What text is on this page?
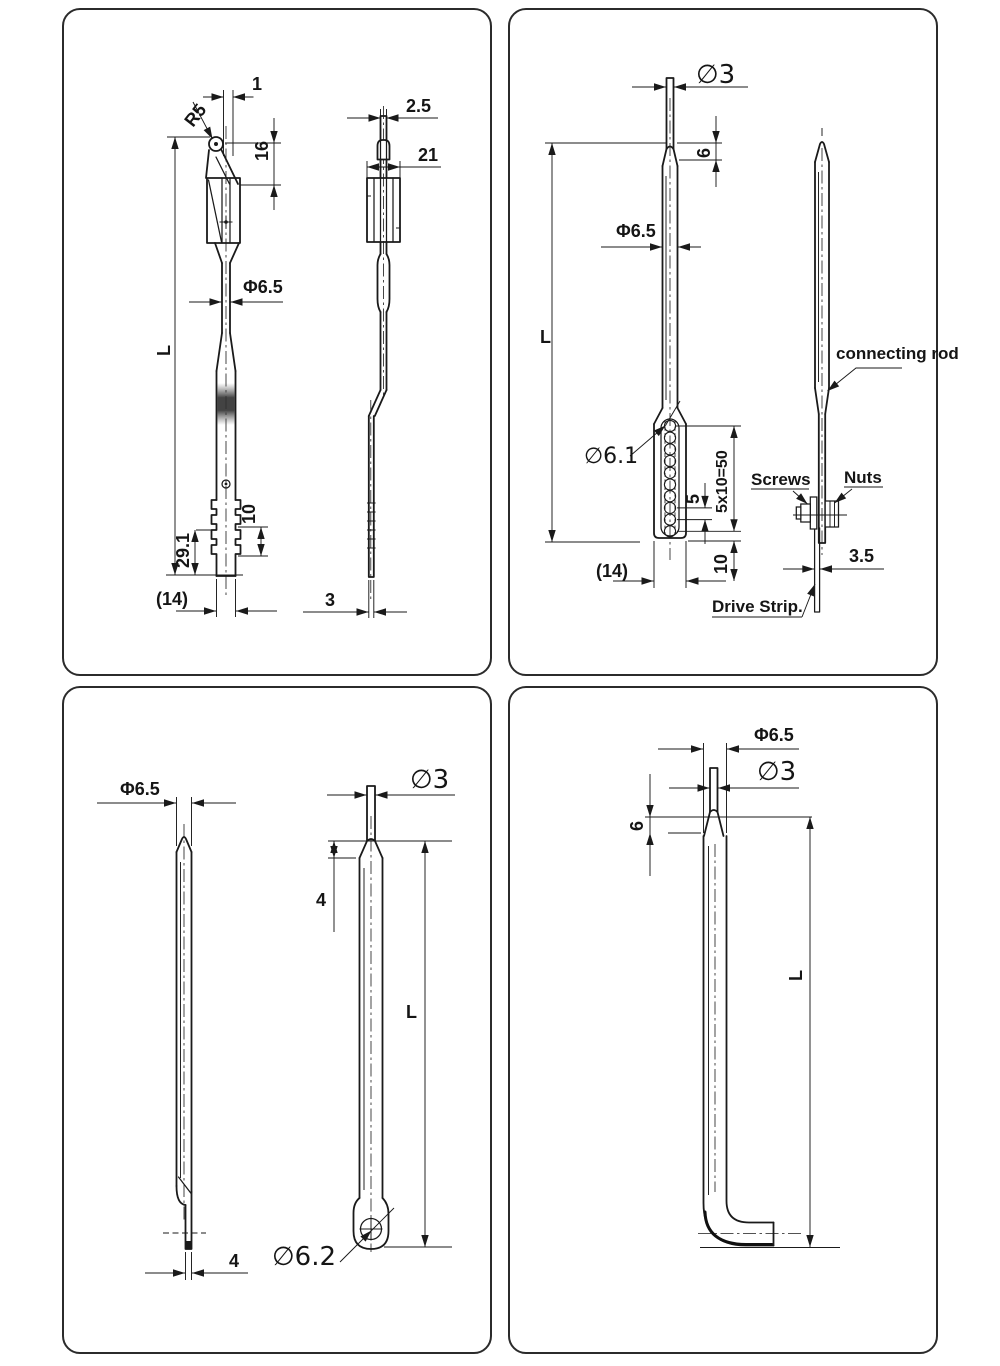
1
R5
16
Φ6.5
L
29.1
10
(14)
2.5
21
3
∅3
6
Φ6.5
L
∅6.1
5 5x10=50
10
(14)
connecting rod
Screws Nuts
3.5
Drive Strip.
Φ6.5
4
∅3
4
L
∅6.2
Φ6.5
∅3
6
L
